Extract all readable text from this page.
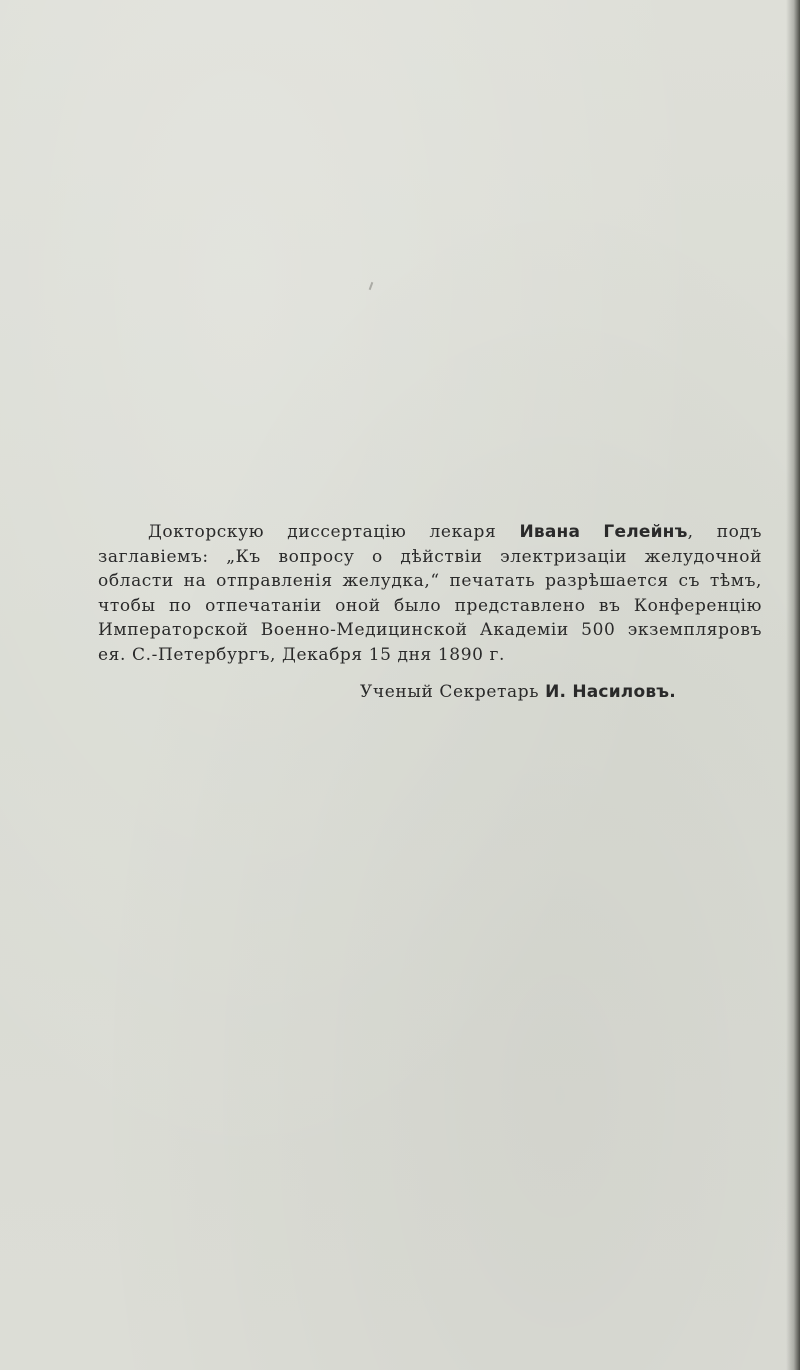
Докторскую диссертацію лекаря Ивана Гелейнъ, подъ заглавіемъ: „Къ вопросу о дѣйствіи электризаціи желудочной области на отправленія желудка,“ печатать разрѣшается съ тѣмъ, чтобы по отпечатаніи оной было представлено въ Конференцію Императорской Военно-Медицинской Академіи 500 экземпляровъ ея. С.-Петербургъ, Декабря 15 дня 1890 г.

Ученый Секретарь И. Насиловъ.
